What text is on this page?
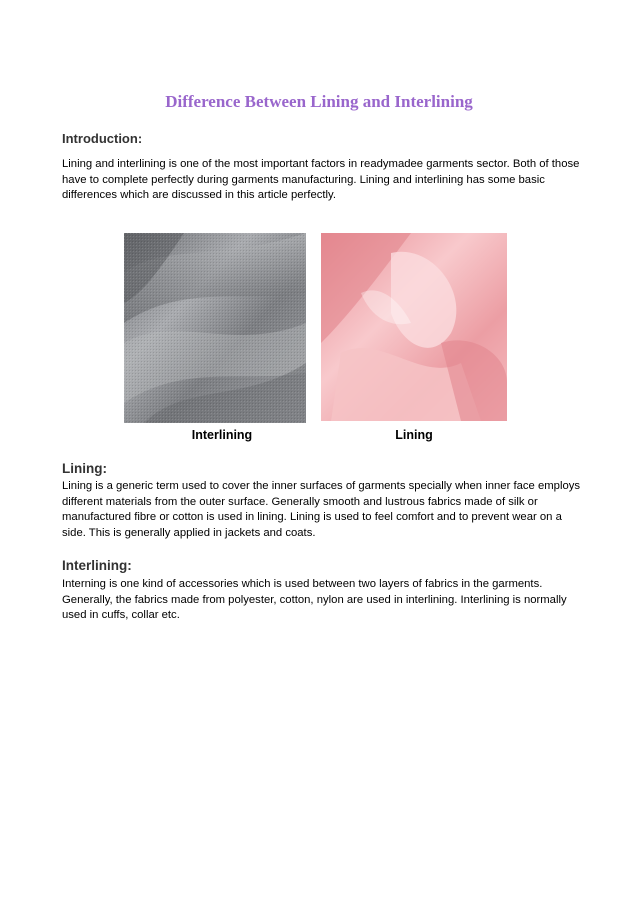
Difference Between Lining and Interlining
Introduction:

Lining and interlining is one of the most important factors in readymadee garments sector. Both of those have to complete perfectly during garments manufacturing. Lining and interlining has some basic differences which are discussed in this article perfectly.

Interlining	Lining
Lining:

Lining is a generic term used to cover the inner surfaces of garments specially when inner face employs different materials from the outer surface. Generally smooth and lustrous fabrics made of silk or manufactured fibre or cotton is used in lining. Lining is used to feel comfort and to prevent wear on a side. This is generally applied in jackets and coats.

Interlining:

Interning is one kind of accessories which is used between two layers of fabrics in the garments. Generally, the fabrics made from polyester, cotton, nylon are used in interlining. Interlining is normally used in cuffs, collar etc.
